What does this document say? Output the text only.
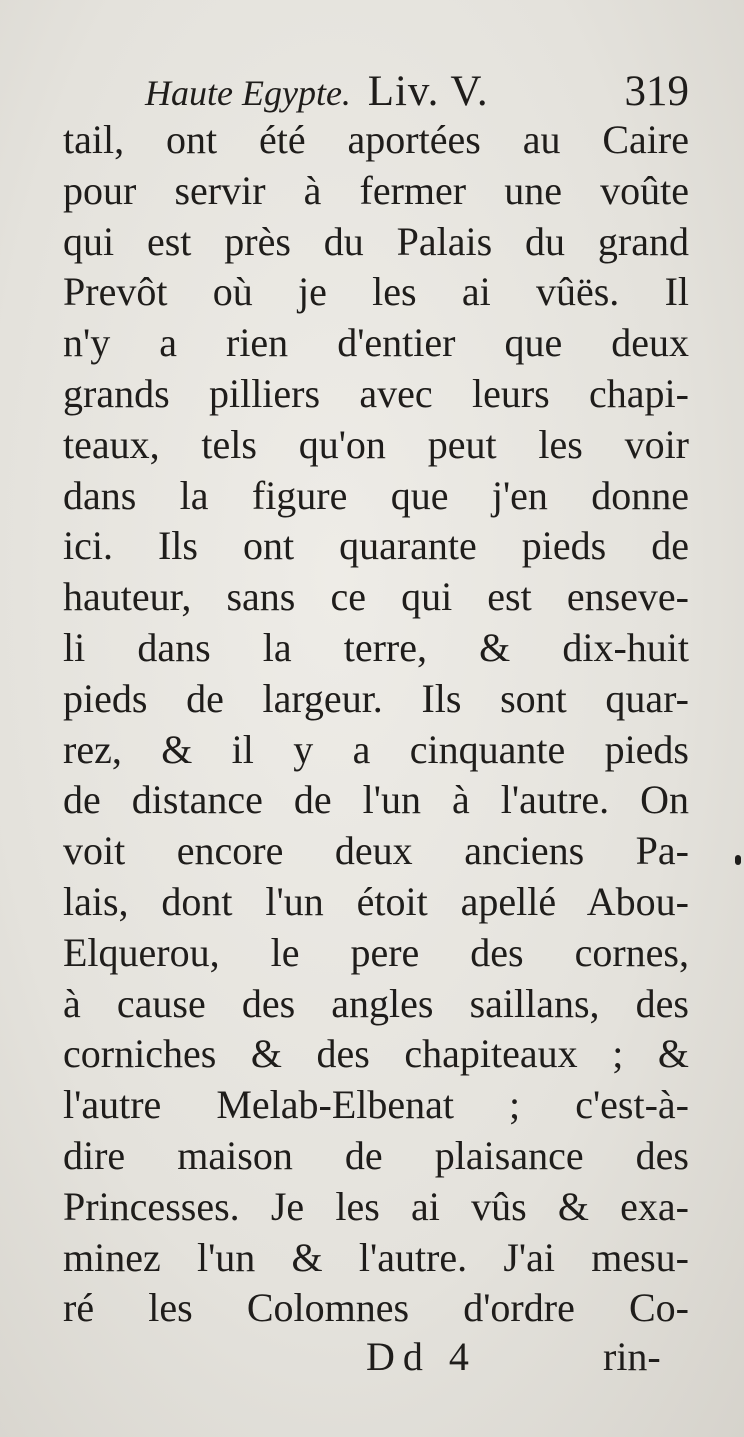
Haute Egypte. Liv. V.	319
tail, ont été aportées au Caire
pour servir à fermer une voûte
qui est près du Palais du grand
Prevôt où je les ai vûës. Il
n'y a rien d'entier que deux
grands pilliers avec leurs chapi-
teaux, tels qu'on peut les voir
dans la figure que j'en donne
ici. Ils ont quarante pieds de
hauteur, sans ce qui est enseve-
li dans la terre, & dix-huit
pieds de largeur. Ils sont quar-
rez, & il y a cinquante pieds
de distance de l'un à l'autre. On
voit encore deux anciens Pa-
lais, dont l'un étoit apellé Abou-
Elquerou, le pere des cornes,
à cause des angles saillans, des
corniches & des chapiteaux ; &
l'autre Melab-Elbenat ; c'est-à-
dire maison de plaisance des
Princesses. Je les ai vûs & exa-
minez l'un & l'autre. J'ai mesu-
ré les Colomnes d'ordre Co-
Dd 4	rin-
